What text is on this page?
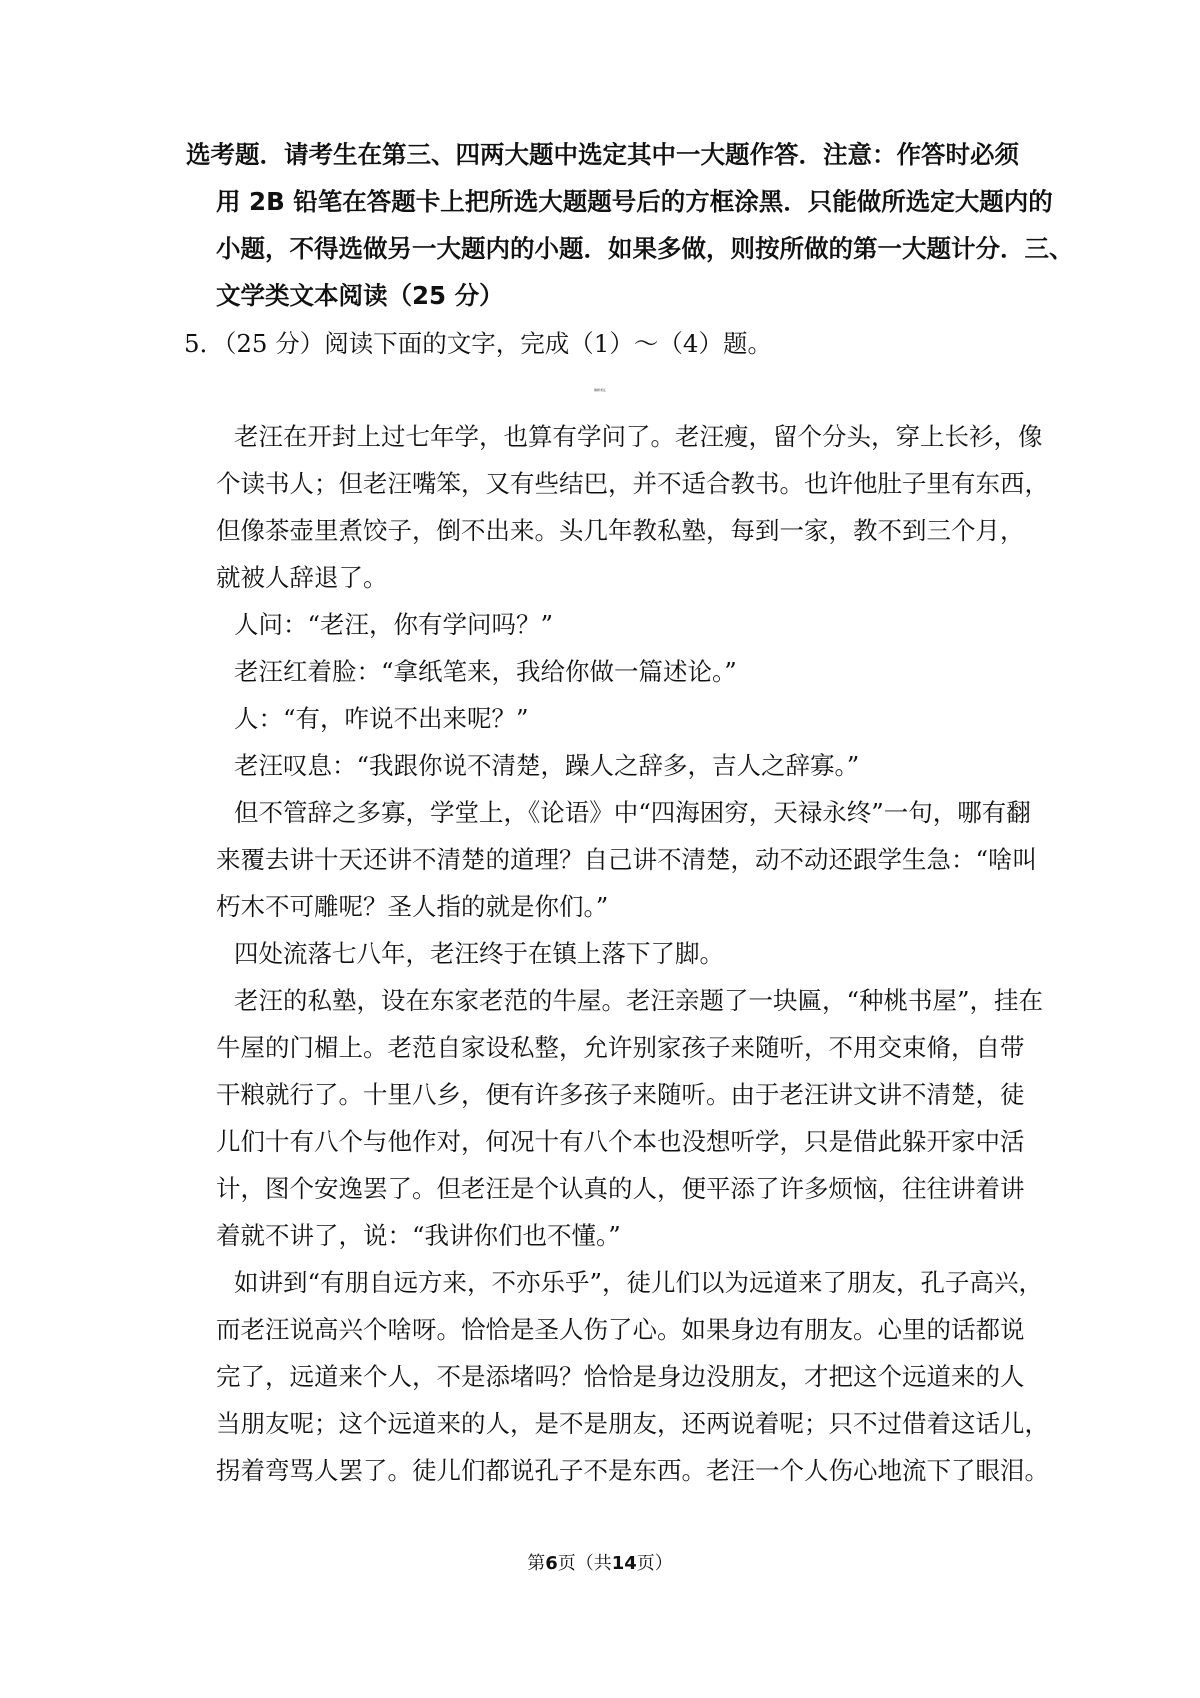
选考题．请考生在第三、四两大题中选定其中一大题作答．注意：作答时必须
用 2B 铅笔在答题卡上把所选大题题号后的方框涂黑．只能做所选定大题内的
小题，不得选做另一大题内的小题．如果多做，则按所做的第一大题计分．三、
文学类文本阅读（25 分）
5．（25 分）阅读下面的文字，完成（1）～（4）题。
塾师老汪
老汪在开封上过七年学，也算有学问了。老汪瘦，留个分头，穿上长衫，像
个读书人；但老汪嘴笨，又有些结巴，并不适合教书。也许他肚子里有东西，
但像茶壶里煮饺子，倒不出来。头几年教私塾，每到一家，教不到三个月，
就被人辞退了。
人问：“老汪，你有学问吗？”
老汪红着脸：“拿纸笔来，我给你做一篇述论。”
人：“有，咋说不出来呢？”
老汪叹息：“我跟你说不清楚，躁人之辞多，吉人之辞寡。”
但不管辞之多寡，学堂上，《论语》中“四海困穷，天禄永终”一句，哪有翻
来覆去讲十天还讲不清楚的道理？自己讲不清楚，动不动还跟学生急：“啥叫
朽木不可雕呢？圣人指的就是你们。”
四处流落七八年，老汪终于在镇上落下了脚。
老汪的私塾，设在东家老范的牛屋。老汪亲题了一块匾，“种桃书屋”，挂在
牛屋的门楣上。老范自家设私整，允许别家孩子来随听，不用交束脩，自带
干粮就行了。十里八乡，便有许多孩子来随听。由于老汪讲文讲不清楚，徒
儿们十有八个与他作对，何况十有八个本也没想听学，只是借此躲开家中活
计，图个安逸罢了。但老汪是个认真的人，便平添了许多烦恼，往往讲着讲
着就不讲了，说：“我讲你们也不懂。”
如讲到“有朋自远方来，不亦乐乎”，徒儿们以为远道来了朋友，孔子高兴，
而老汪说高兴个啥呀。恰恰是圣人伤了心。如果身边有朋友。心里的话都说
完了，远道来个人，不是添堵吗？恰恰是身边没朋友，才把这个远道来的人
当朋友呢；这个远道来的人，是不是朋友，还两说着呢；只不过借着这话儿，
拐着弯骂人罢了。徒儿们都说孔子不是东西。老汪一个人伤心地流下了眼泪。
第6页（共14页）
